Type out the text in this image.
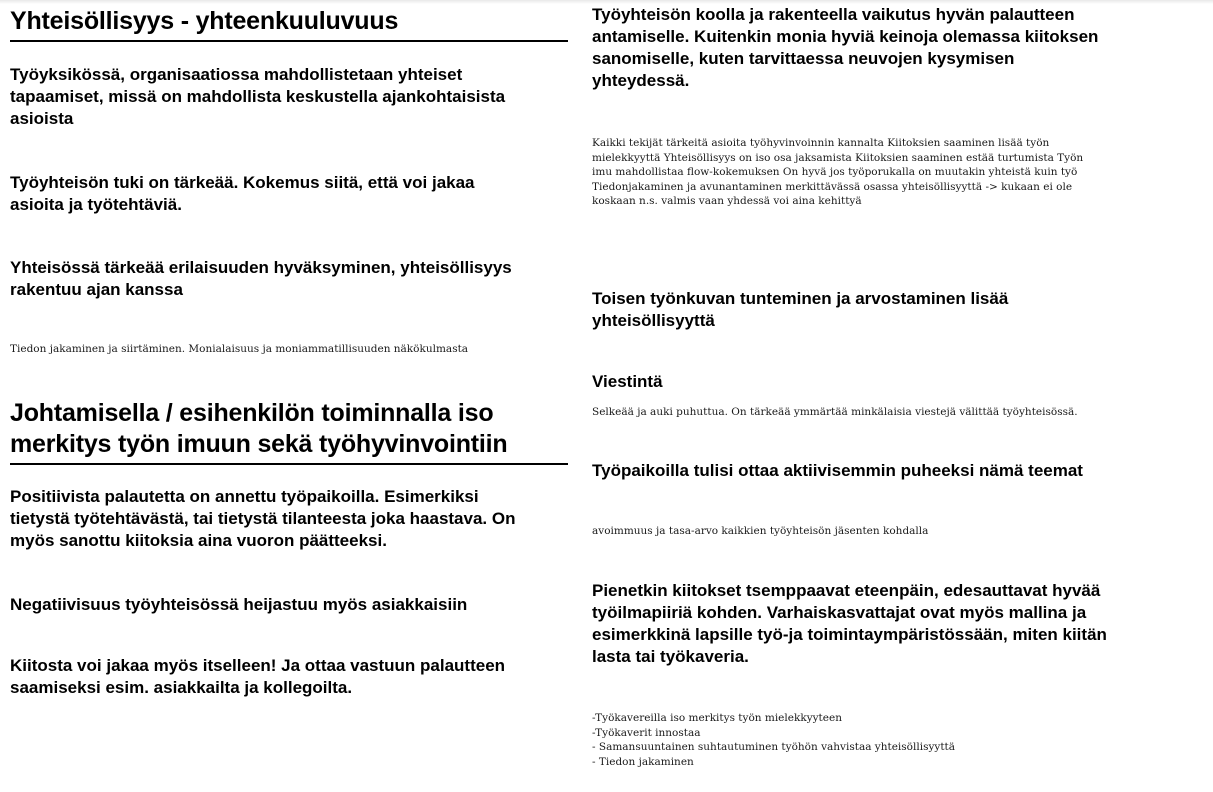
Yhteisöllisyys - yhteenkuuluvuus
Työyksikössä, organisaatiossa mahdollistetaan yhteiset
tapaamiset, missä on mahdollista keskustella ajankohtaisista
asioista
Työyhteisön tuki on tärkeää. Kokemus siitä, että voi jakaa
asioita ja työtehtäviä.
Yhteisössä tärkeää erilaisuuden hyväksyminen, yhteisöllisyys
rakentuu ajan kanssa
Tiedon jakaminen ja siirtäminen. Monialaisuus ja moniammatillisuuden näkökulmasta
Johtamisella / esihenkilön toiminnalla iso
merkitys työn imuun sekä työhyvinvointiin
Positiivista palautetta on annettu työpaikoilla. Esimerkiksi
tietystä työtehtävästä, tai tietystä tilanteesta joka haastava. On
myös sanottu kiitoksia aina vuoron päätteeksi.
Negatiivisuus työyhteisössä heijastuu myös asiakkaisiin
Kiitosta voi jakaa myös itselleen! Ja ottaa vastuun palautteen
saamiseksi esim. asiakkailta ja kollegoilta.
Työyhteisön koolla ja rakenteella vaikutus hyvän palautteen
antamiselle. Kuitenkin monia hyviä keinoja olemassa kiitoksen
sanomiselle, kuten tarvittaessa neuvojen kysymisen
yhteydessä.
Kaikki tekijät tärkeitä asioita työhyvinvoinnin kannalta Kiitoksien saaminen lisää työn
mielekkyyttä Yhteisöllisyys on iso osa jaksamista Kiitoksien saaminen estää turtumista Työn
imu mahdollistaa flow-kokemuksen On hyvä jos työporukalla on muutakin yhteistä kuin työ
Tiedonjakaminen ja avunantaminen merkittävässä osassa yhteisöllisyyttä -> kukaan ei ole
koskaan n.s. valmis vaan yhdessä voi aina kehittyä
Toisen työnkuvan tunteminen ja arvostaminen lisää
yhteisöllisyyttä
Viestintä
Selkeää ja auki puhuttua. On tärkeää ymmärtää minkälaisia viestejä välittää työyhteisössä.
Työpaikoilla tulisi ottaa aktiivisemmin puheeksi nämä teemat
avoimmuus ja tasa-arvo kaikkien työyhteisön jäsenten kohdalla
Pienetkin kiitokset tsemppaavat eteenpäin, edesauttavat hyvää
työilmapiiriä kohden. Varhaiskasvattajat ovat myös mallina ja
esimerkkinä lapsille työ-ja toimintaympäristössään, miten kiitän
lasta tai työkaveria.
-Työkavereilla iso merkitys työn mielekkyyteen
-Työkaverit innostaa
- Samansuuntainen suhtautuminen työhön vahvistaa yhteisöllisyyttä
- Tiedon jakaminen
